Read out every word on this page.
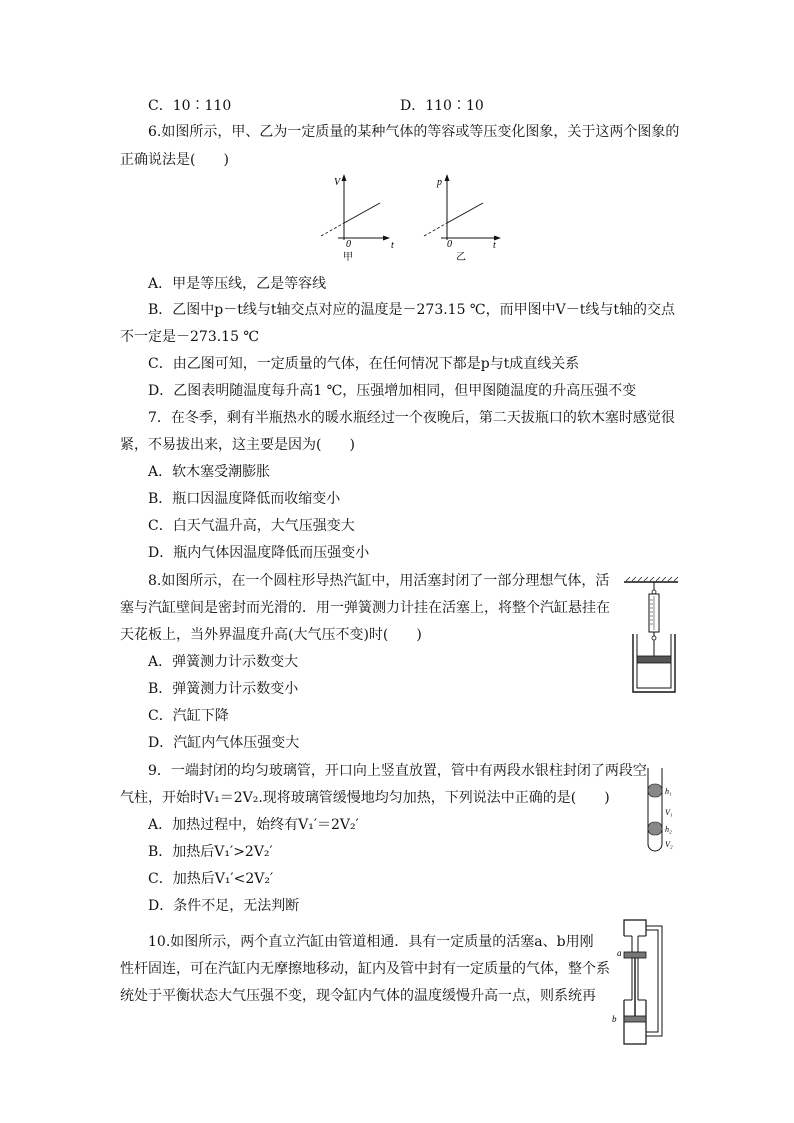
C．10∶110	D．110∶10
6.如图所示，甲、乙为一定质量的某种气体的等容或等压变化图象，关于这两个图象的
正确说法是(　　)
V
t
0
甲
p
t
0
乙
A．甲是等压线，乙是等容线
B．乙图中p－t线与t轴交点对应的温度是－273.15 ℃，而甲图中V－t线与t轴的交点
不一定是－273.15 ℃
C．由乙图可知，一定质量的气体，在任何情况下都是p与t成直线关系
D．乙图表明随温度每升高1 ℃，压强增加相同，但甲图随温度的升高压强不变
7．在冬季，剩有半瓶热水的暖水瓶经过一个夜晚后，第二天拔瓶口的软木塞时感觉很
紧，不易拔出来，这主要是因为(　　)
A．软木塞受潮膨胀
B．瓶口因温度降低而收缩变小
C．白天气温升高，大气压强变大
D．瓶内气体因温度降低而压强变小
8.如图所示，在一个圆柱形导热汽缸中，用活塞封闭了一部分理想气体，活
塞与汽缸壁间是密封而光滑的．用一弹簧测力计挂在活塞上，将整个汽缸悬挂在
天花板上，当外界温度升高(大气压不变)时(　　)
A．弹簧测力计示数变大
B．弹簧测力计示数变小
C．汽缸下降
D．汽缸内气体压强变大
9．一端封闭的均匀玻璃管，开口向上竖直放置，管中有两段水银柱封闭了两段空
气柱，开始时V₁＝2V₂.现将玻璃管缓慢地均匀加热，下列说法中正确的是(　　)
A．加热过程中，始终有V₁′＝2V₂′
B．加热后V₁′>2V₂′
C．加热后V₁′<2V₂′
D．条件不足，无法判断
h₁
V₁
h₂
V₂
10.如图所示，两个直立汽缸由管道相通．具有一定质量的活塞a、b用刚
性杆固连，可在汽缸内无摩擦地移动，缸内及管中封有一定质量的气体，整个系
统处于平衡状态大气压强不变，现令缸内气体的温度缓慢升高一点，则系统再
a
b
